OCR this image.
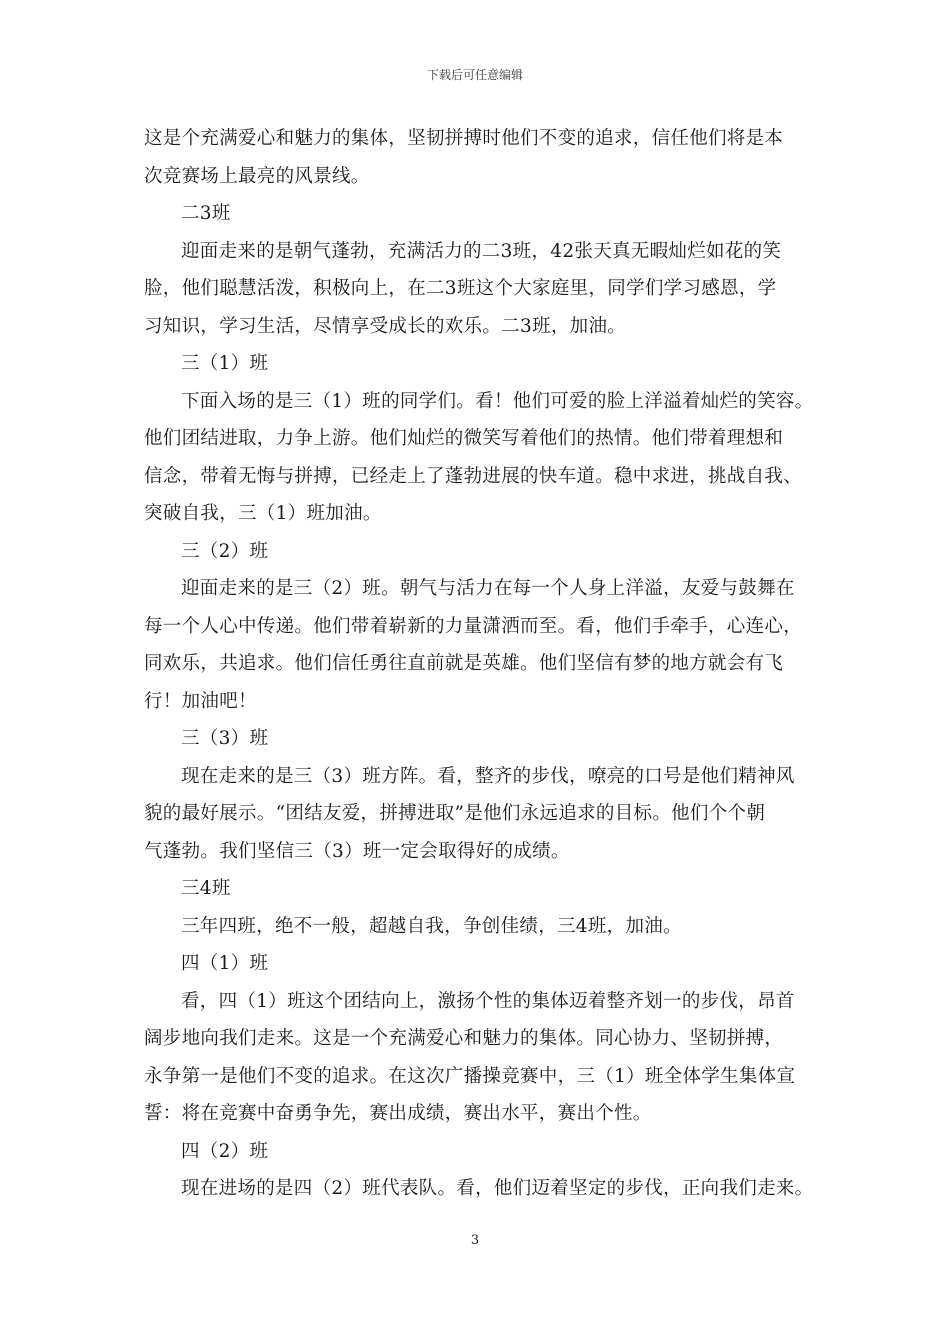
下载后可任意编辑
这是个充满爱心和魅力的集体，坚韧拼搏时他们不变的追求，信任他们将是本
次竞赛场上最亮的风景线。
二3班
迎面走来的是朝气蓬勃，充满活力的二3班，42张天真无暇灿烂如花的笑
脸，他们聪慧活泼，积极向上，在二3班这个大家庭里，同学们学习感恩，学
习知识，学习生活，尽情享受成长的欢乐。二3班，加油。
三（1）班
下面入场的是三（1）班的同学们。看！他们可爱的脸上洋溢着灿烂的笑容。
他们团结进取，力争上游。他们灿烂的微笑写着他们的热情。他们带着理想和
信念，带着无悔与拼搏，已经走上了蓬勃进展的快车道。稳中求进，挑战自我、
突破自我，三（1）班加油。
三（2）班
迎面走来的是三（2）班。朝气与活力在每一个人身上洋溢，友爱与鼓舞在
每一个人心中传递。他们带着崭新的力量潇洒而至。看，他们手牵手，心连心，
同欢乐，共追求。他们信任勇往直前就是英雄。他们坚信有梦的地方就会有飞
行！加油吧！
三（3）班
现在走来的是三（3）班方阵。看，整齐的步伐，嘹亮的口号是他们精神风
貌的最好展示。“团结友爱，拼搏进取”是他们永远追求的目标。他们个个朝
气蓬勃。我们坚信三（3）班一定会取得好的成绩。
三4班
三年四班，绝不一般，超越自我，争创佳绩，三4班，加油。
四（1）班
看，四（1）班这个团结向上，激扬个性的集体迈着整齐划一的步伐，昂首
阔步地向我们走来。这是一个充满爱心和魅力的集体。同心协力、坚韧拼搏，
永争第一是他们不变的追求。在这次广播操竞赛中，三（1）班全体学生集体宣
誓：将在竞赛中奋勇争先，赛出成绩，赛出水平，赛出个性。
四（2）班
现在进场的是四（2）班代表队。看，他们迈着坚定的步伐，正向我们走来。
3
